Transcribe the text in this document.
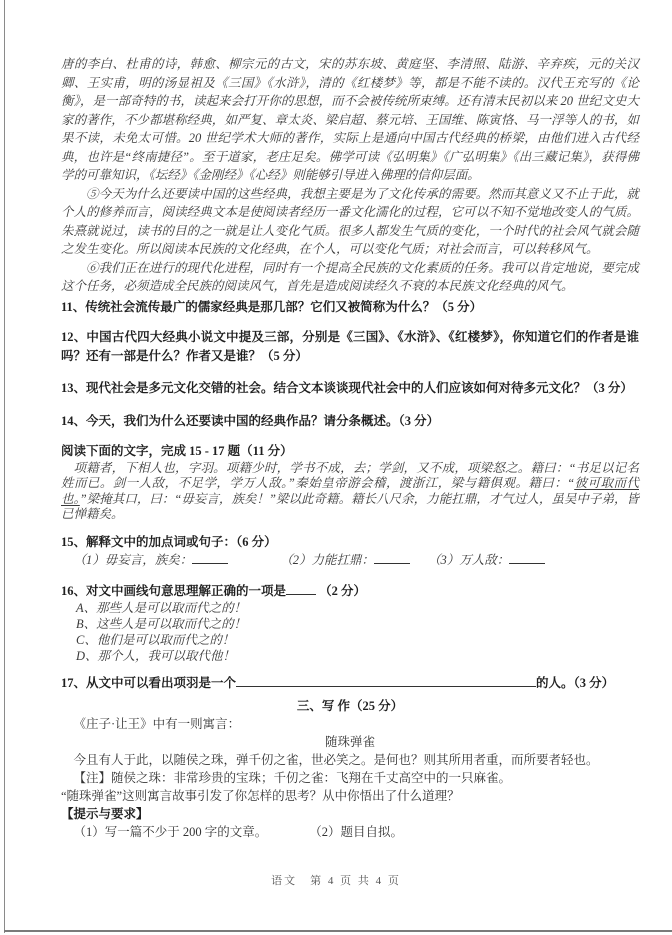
唐的李白、杜甫的诗，韩愈、柳宗元的古文，宋的苏东坡、黄庭坚、李清照、陆游、辛弃疾，元的关汉卿、王实甫，明的汤显祖及《三国》《水浒》，清的《红楼梦》等，都是不能不读的。汉代王充写的《论衡》，是一部奇特的书，读起来会打开你的思想，而不会被传统所束缚。还有清末民初以来 20 世纪文史大家的著作，不少都堪称经典，如严复、章太炎、梁启超、蔡元培、王国维、陈寅恪、马一浮等人的书，如果不读，未免太可惜。20 世纪学术大师的著作，实际上是通向中国古代经典的桥梁，由他们进入古代经典，也许是“终南捷径”。至于道家，老庄足矣。佛学可读《弘明集》《广弘明集》《出三藏记集》，获得佛学的可靠知识，《坛经》《金刚经》《心经》则能够引导进入佛理的信仰层面。

⑤今天为什么还要读中国的这些经典，我想主要是为了文化传承的需要。然而其意义又不止于此，就个人的修养而言，阅读经典文本是使阅读者经历一番文化濡化的过程，它可以不知不觉地改变人的气质。朱熹就说过，读书的目的之一就是让人变化气质。很多人都发生气质的变化，一个时代的社会风气就会随之发生变化。所以阅读本民族的文化经典，在个人，可以变化气质；对社会而言，可以转移风气。

⑥我们正在进行的现代化进程，同时有一个提高全民族的文化素质的任务。我可以肯定地说，要完成这个任务，必须造成全民族的阅读风气，首先是造成阅读经久不衰的本民族文化经典的风气。

11、传统社会流传最广的儒家经典是那几部？它们又被简称为什么？（5 分）

12、中国古代四大经典小说文中提及三部，分别是《三国》、《水浒》、《红楼梦》，你知道它们的作者是谁吗？还有一部是什么？作者又是谁？（5 分）

13、现代社会是多元文化交错的社会。结合文本谈谈现代社会中的人们应该如何对待多元文化？（3 分）

14、今天，我们为什么还要读中国的经典作品？请分条概述。（3 分）

阅读下面的文字，完成 15 - 17 题（11 分）

项籍者，下相人也，字羽。项籍少时，学书不成，去；学剑，又不成，项梁怒之。籍曰：“书足以记名姓而已。剑一人敌，不足学，学万人敌。”秦始皇帝游会稽，渡浙江，梁与籍俱观。籍曰：“彼可取而代也。”梁掩其口，曰：“毋妄言，族矣！”梁以此奇籍。籍长八尺余，力能扛鼎，才气过人，虽吴中子弟，皆已惮籍矣。

15、解释文中的加点词或句子：（6 分）

（1）毋妄言，族矣：	（2）力能扛鼎：	（3）万人敌：

16、对文中画线句意思理解正确的一项是	（2 分）

A、那些人是可以取而代之的！

B、这些人是可以取而代之的！

C、他们是可以取而代之的！

D、那个人，我可以取代他！

17、从文中可以看出项羽是一个	的人。（3 分）

三、写 作（25 分）

《庄子·让王》中有一则寓言：

随珠弹雀

今且有人于此，以随侯之珠，弹千仞之雀，世必笑之。是何也？则其所用者重，而所要者轻也。

【注】随侯之珠：非常珍贵的宝珠；千仞之雀：飞翔在千丈高空中的一只麻雀。

“随珠弹雀”这则寓言故事引发了你怎样的思考？从中你悟出了什么道理？

【提示与要求】

（1）写一篇不少于 200 字的文章。	（2）题目自拟。

语文　第 4 页 共 4 页
